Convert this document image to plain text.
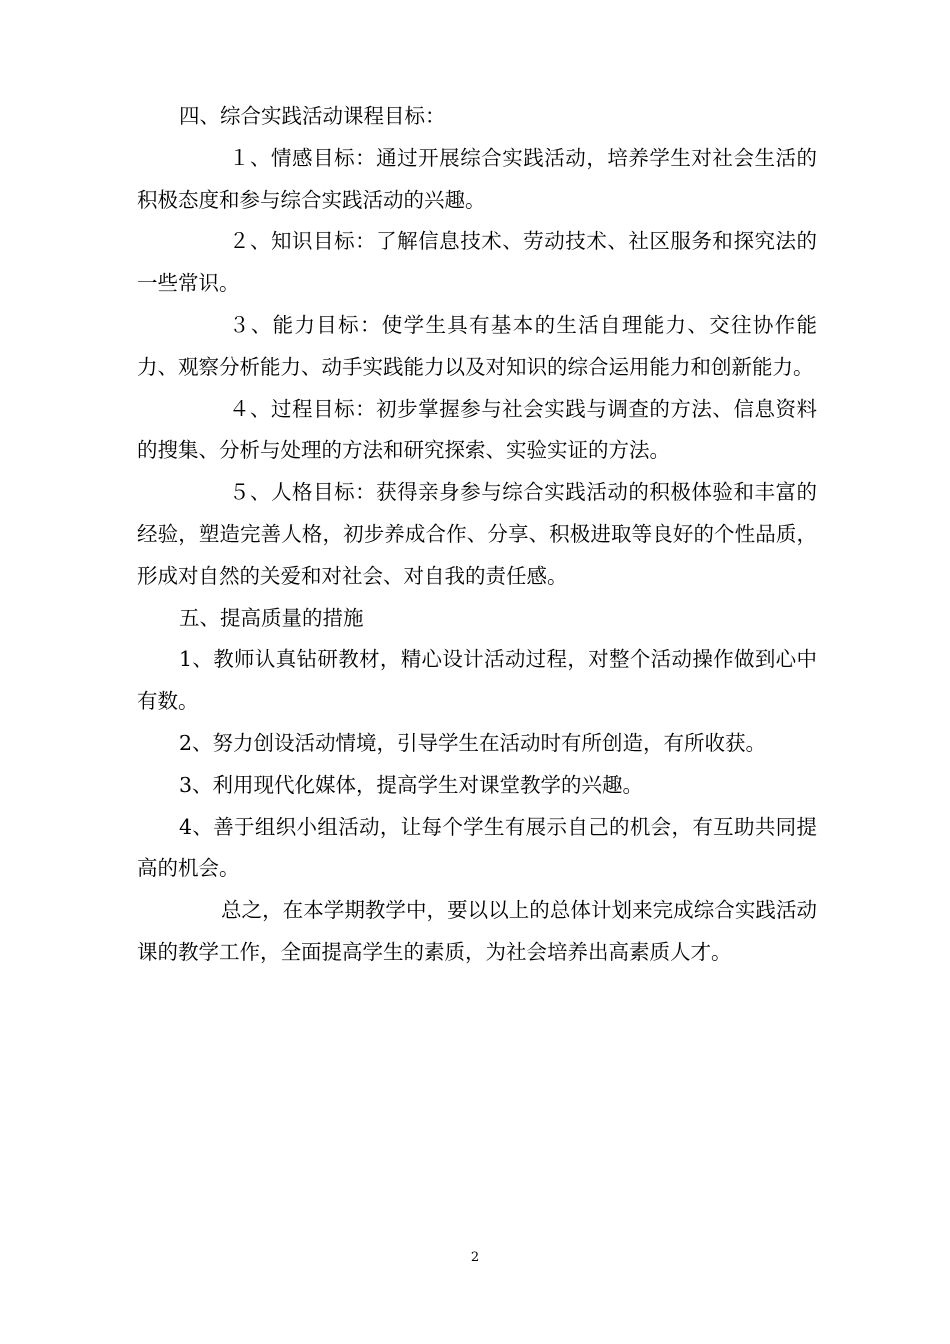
四、综合实践活动课程目标：

１、情感目标：通过开展综合实践活动，培养学生对社会生活的积极态度和参与综合实践活动的兴趣。

２、知识目标：了解信息技术、劳动技术、社区服务和探究法的一些常识。

３、能力目标：使学生具有基本的生活自理能力、交往协作能力、观察分析能力、动手实践能力以及对知识的综合运用能力和创新能力。

４、过程目标：初步掌握参与社会实践与调查的方法、信息资料的搜集、分析与处理的方法和研究探索、实验实证的方法。

５、人格目标：获得亲身参与综合实践活动的积极体验和丰富的经验，塑造完善人格，初步养成合作、分享、积极进取等良好的个性品质，形成对自然的关爱和对社会、对自我的责任感。

五、提高质量的措施

1、教师认真钻研教材，精心设计活动过程，对整个活动操作做到心中有数。

2、努力创设活动情境，引导学生在活动时有所创造，有所收获。

3、利用现代化媒体，提高学生对课堂教学的兴趣。

4、善于组织小组活动，让每个学生有展示自己的机会，有互助共同提高的机会。

总之，在本学期教学中，要以以上的总体计划来完成综合实践活动课的教学工作，全面提高学生的素质，为社会培养出高素质人才。

2
